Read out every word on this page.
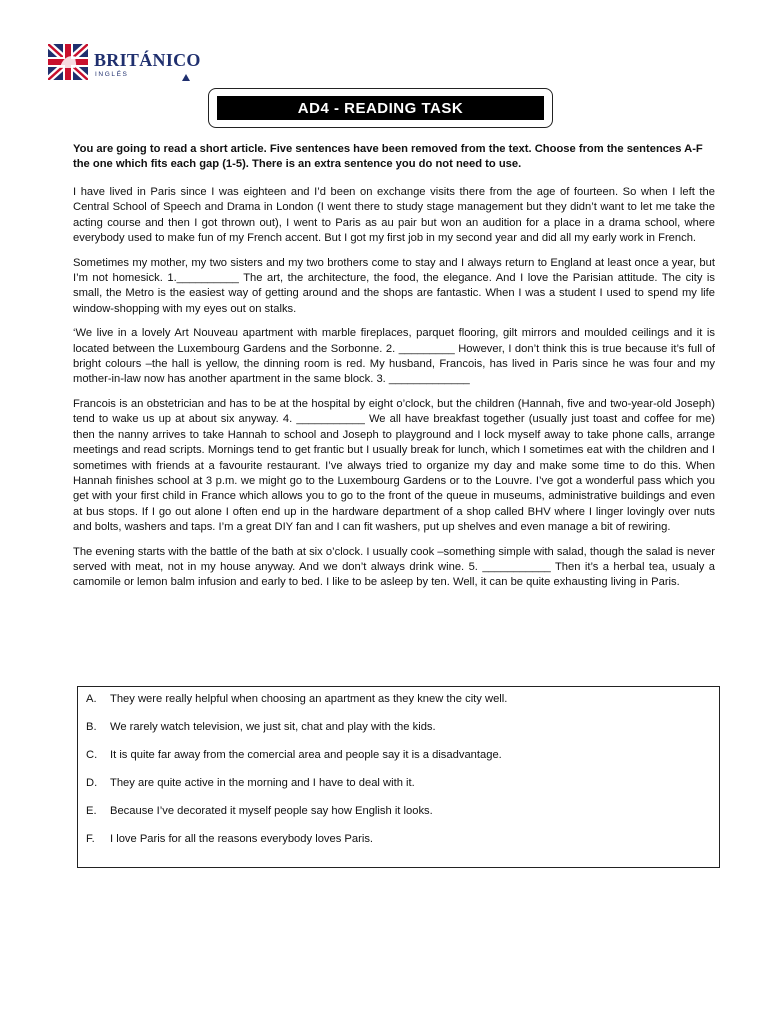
BRITÁNICO
INGLÉS
AD4 - READING TASK

You are going to read a short article. Five sentences have been removed from the text. Choose from the sentences A-F the one which fits each gap (1-5). There is an extra sentence you do not need to use.

I have lived in Paris since I was eighteen and I’d been on exchange visits there from the age of fourteen. So when I left the Central School of Speech and Drama in London (I went there to study stage management but they didn’t want to let me take the acting course and then I got thrown out), I went to Paris as au pair but won an audition for a place in a drama school, where everybody used to make fun of my French accent. But I got my first job in my second year and did all my early work in French.

Sometimes my mother, my two sisters and my two brothers come to stay and I always return to England at least once a year, but I’m not homesick. 1.__________ The art, the architecture, the food, the elegance. And I love the Parisian attitude. The city is small, the Metro is the easiest way of getting around and the shops are fantastic. When I was a student I used to spend my life window-shopping with my eyes out on stalks.

‘We live in a lovely Art Nouveau apartment with marble fireplaces, parquet flooring, gilt mirrors and moulded ceilings and it is located between the Luxembourg Gardens and the Sorbonne. 2. _________ However, I don’t think this is true because it’s full of bright colours –the hall is yellow, the dinning room is red. My husband, Francois, has lived in Paris since he was four and my mother-in-law now has another apartment in the same block. 3. _____________

Francois is an obstetrician and has to be at the hospital by eight o’clock, but the children (Hannah, five and two-year-old Joseph) tend to wake us up at about six anyway. 4. ___________ We all have breakfast together (usually just toast and coffee for me) then the nanny arrives to take Hannah to school and Joseph to playground and I lock myself away to take phone calls, arrange meetings and read scripts. Mornings tend to get frantic but I usually break for lunch, which I sometimes eat with the children and I sometimes with friends at a favourite restaurant. I’ve always tried to organize my day and make some time to do this. When Hannah finishes school at 3 p.m. we might go to the Luxembourg Gardens or to the Louvre. I’ve got a wonderful pass which you get with your first child in France which allows you to go to the front of the queue in museums, administrative buildings and even at bus stops. If I go out alone I often end up in the hardware department of a shop called BHV where I linger lovingly over nuts and bolts, washers and taps. I’m a great DIY fan and I can fit washers, put up shelves and even manage a bit of rewiring.

The evening starts with the battle of the bath at six o’clock. I usually cook –something simple with salad, though the salad is never served with meat, not in my house anyway. And we don’t always drink wine. 5. ___________ Then it’s a herbal tea, usualy a camomile or lemon balm infusion and early to bed. I like to be asleep by ten. Well, it can be quite exhausting living in Paris.

A.	They were really helpful when choosing an apartment as they knew the city well.
B.	We rarely watch television, we just sit, chat and play with the kids.
C.	It is quite far away from the comercial area and people say it is a disadvantage.
D.	They are quite active in the morning and I have to deal with it.
E.	Because I’ve decorated it myself people say how English it looks.
F.	I love Paris for all the reasons everybody loves Paris.
